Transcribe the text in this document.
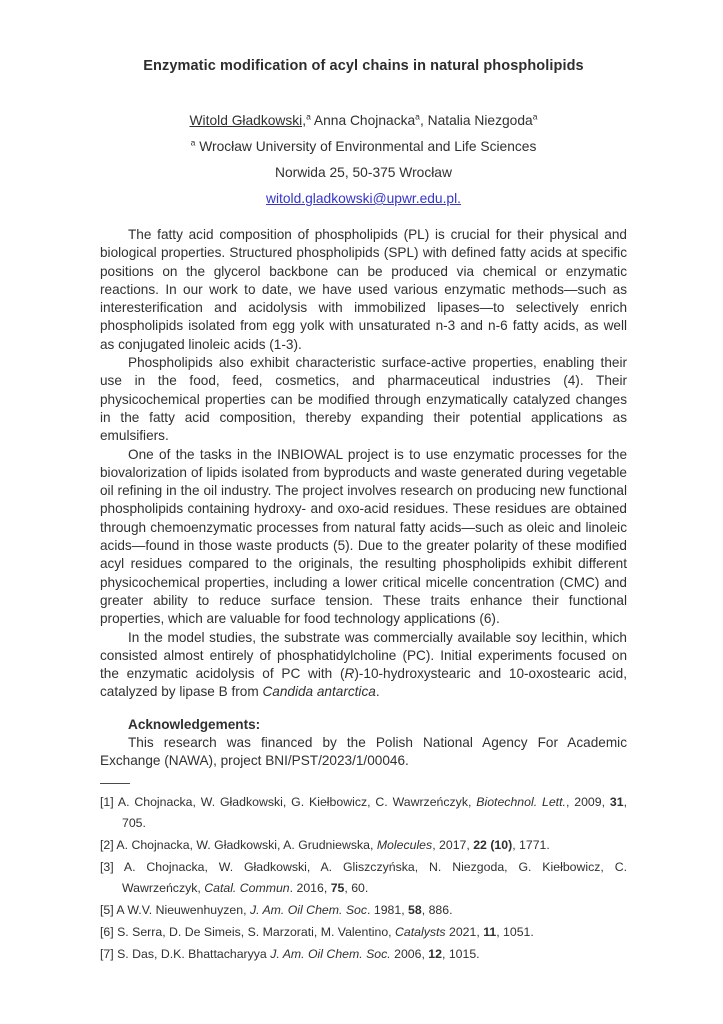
Enzymatic modification of acyl chains in natural phospholipids
Witold Gładkowski,$^a$ Anna Chojnacka$^a$, Natalia Niezgoda$^a$
$^a$ Wrocław University of Environmental and Life Sciences
Norwida 25, 50-375 Wrocław
witold.gladkowski@upwr.edu.pl.

The fatty acid composition of phospholipids (PL) is crucial for their physical and biological properties. Structured phospholipids (SPL) with defined fatty acids at specific positions on the glycerol backbone can be produced via chemical or enzymatic reactions. In our work to date, we have used various enzymatic methods—such as interesterification and acidolysis with immobilized lipases—to selectively enrich phospholipids isolated from egg yolk with unsaturated n-3 and n-6 fatty acids, as well as conjugated linoleic acids (1-3).

Phospholipids also exhibit characteristic surface-active properties, enabling their use in the food, feed, cosmetics, and pharmaceutical industries (4). Their physicochemical properties can be modified through enzymatically catalyzed changes in the fatty acid composition, thereby expanding their potential applications as emulsifiers.

One of the tasks in the INBIOWAL project is to use enzymatic processes for the biovalorization of lipids isolated from byproducts and waste generated during vegetable oil refining in the oil industry. The project involves research on producing new functional phospholipids containing hydroxy- and oxo-acid residues. These residues are obtained through chemoenzymatic processes from natural fatty acids—such as oleic and linoleic acids—found in those waste products (5). Due to the greater polarity of these modified acyl residues compared to the originals, the resulting phospholipids exhibit different physicochemical properties, including a lower critical micelle concentration (CMC) and greater ability to reduce surface tension. These traits enhance their functional properties, which are valuable for food technology applications (6).

In the model studies, the substrate was commercially available soy lecithin, which consisted almost entirely of phosphatidylcholine (PC). Initial experiments focused on the enzymatic acidolysis of PC with (R)-10-hydroxystearic and 10-oxostearic acid, catalyzed by lipase B from Candida antarctica.

Acknowledgements:

This research was financed by the Polish National Agency For Academic Exchange (NAWA), project BNI/PST/2023/1/00046.

[1] A. Chojnacka, W. Gładkowski, G. Kiełbowicz, C. Wawrzeńczyk, Biotechnol. Lett., 2009, 31, 705.

[2] A. Chojnacka, W. Gładkowski, A. Grudniewska, Molecules, 2017, 22 (10), 1771.

[3] A. Chojnacka, W. Gładkowski, A. Gliszczyńska, N. Niezgoda, G. Kiełbowicz, C. Wawrzeńczyk, Catal. Commun. 2016, 75, 60.

[5] A W.V. Nieuwenhuyzen, J. Am. Oil Chem. Soc. 1981, 58, 886.

[6] S. Serra, D. De Simeis, S. Marzorati, M. Valentino, Catalysts 2021, 11, 1051.

[7] S. Das, D.K. Bhattacharyya J. Am. Oil Chem. Soc. 2006, 12, 1015.
